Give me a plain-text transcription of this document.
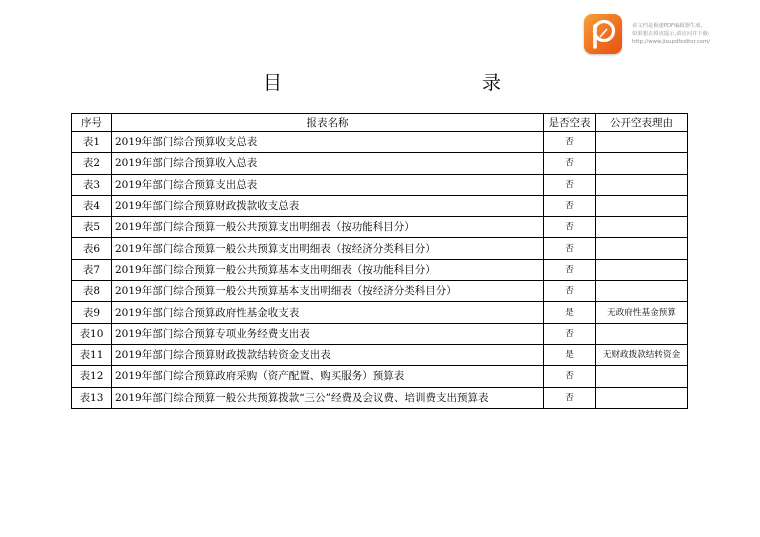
该文档是极速PDF编辑器生成,
如果想去掉该提示,请访问并下载:
http://www.jisupdfeditor.com/
目	录
序号	报表名称	是否空表	公开空表理由
表1	2019年部门综合预算收支总表	否	
表2	2019年部门综合预算收入总表	否	
表3	2019年部门综合预算支出总表	否	
表4	2019年部门综合预算财政拨款收支总表	否	
表5	2019年部门综合预算一般公共预算支出明细表（按功能科目分）	否	
表6	2019年部门综合预算一般公共预算支出明细表（按经济分类科目分）	否	
表7	2019年部门综合预算一般公共预算基本支出明细表（按功能科目分）	否	
表8	2019年部门综合预算一般公共预算基本支出明细表（按经济分类科目分）	否	
表9	2019年部门综合预算政府性基金收支表	是	无政府性基金预算
表10	2019年部门综合预算专项业务经费支出表	否	
表11	2019年部门综合预算财政拨款结转资金支出表	是	无财政拨款结转资金
表12	2019年部门综合预算政府采购（资产配置、购买服务）预算表	否	
表13	2019年部门综合预算一般公共预算拨款“三公”经费及会议费、培训费支出预算表	否	
